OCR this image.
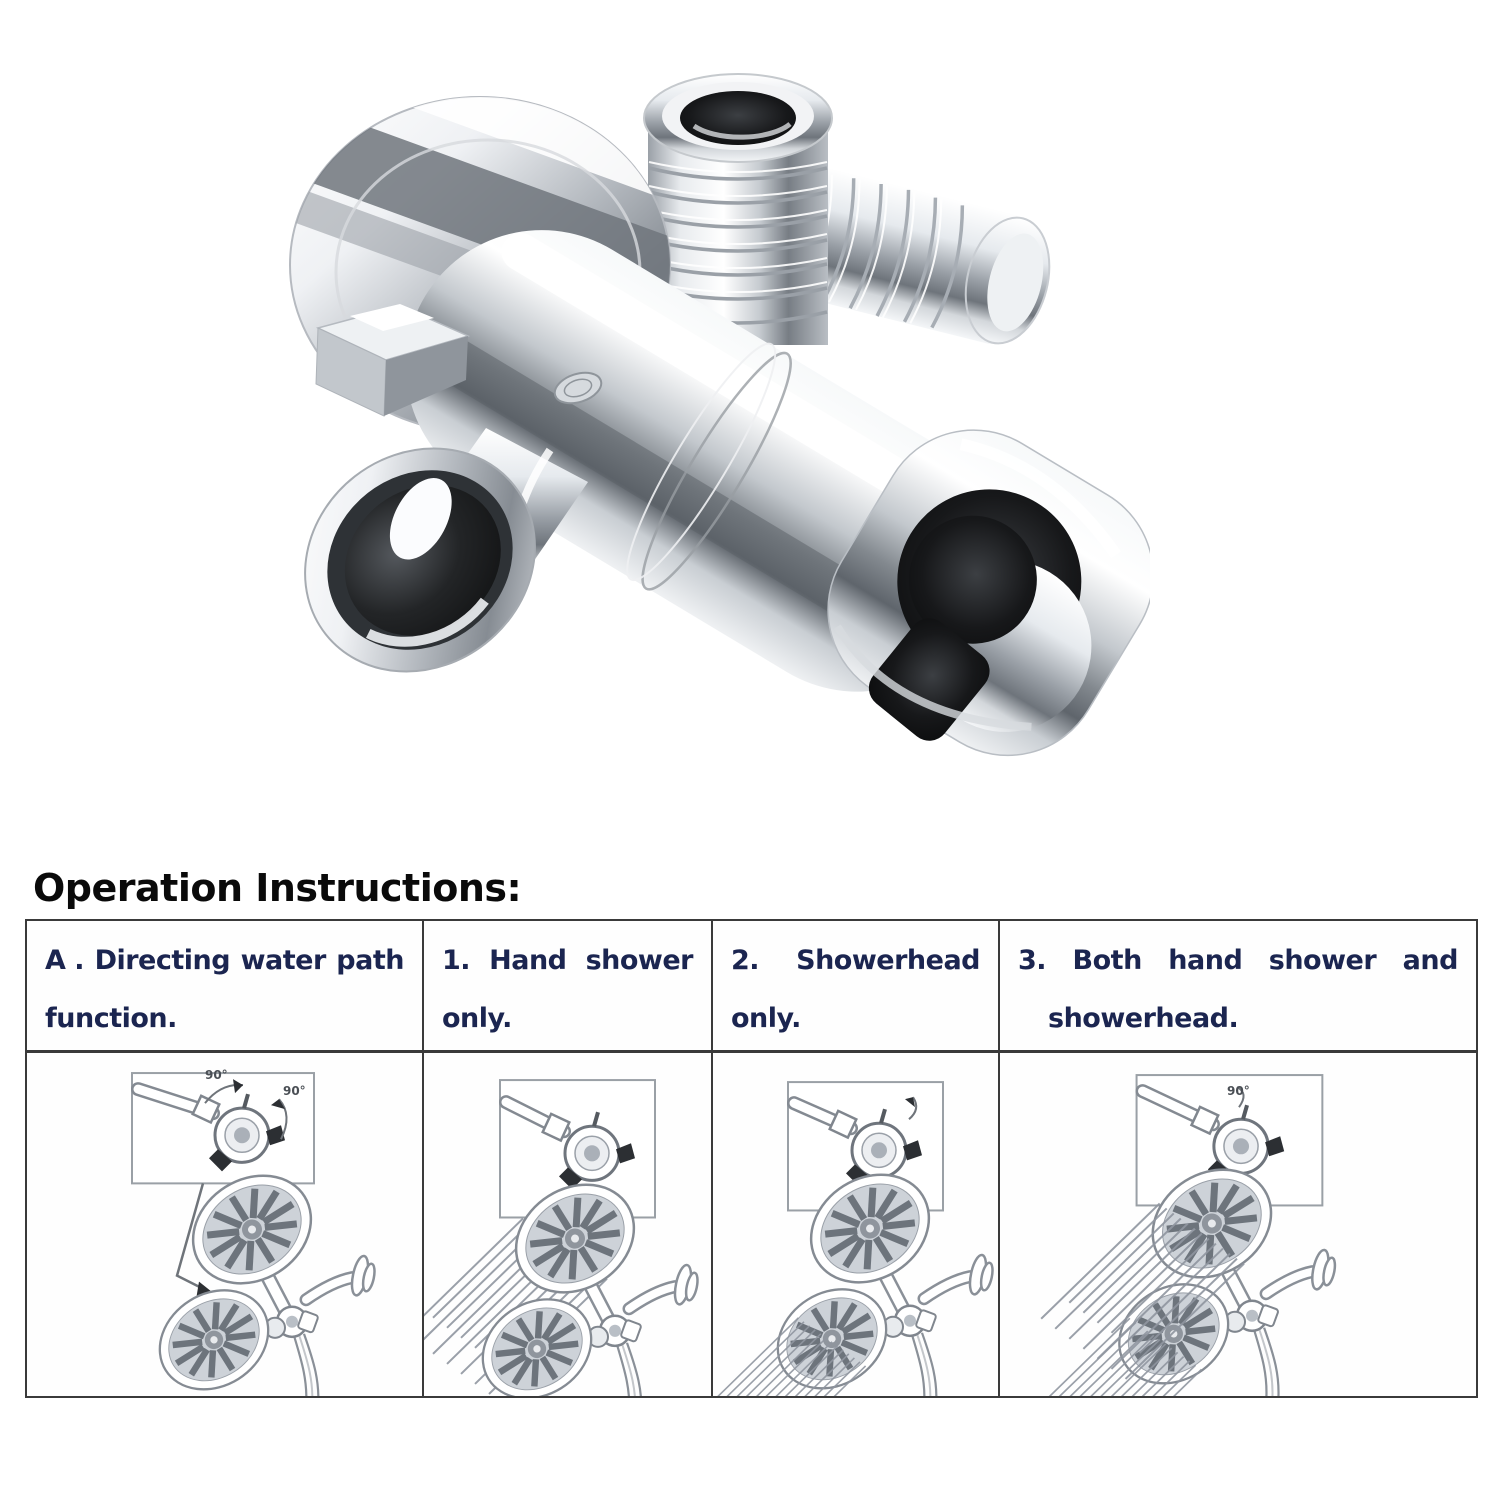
Operation Instructions:
A . Directing water path
function.
90°
90°
1. Hand shower
only.
2. Showerhead
only.
3. Both hand shower and
showerhead.
90°
